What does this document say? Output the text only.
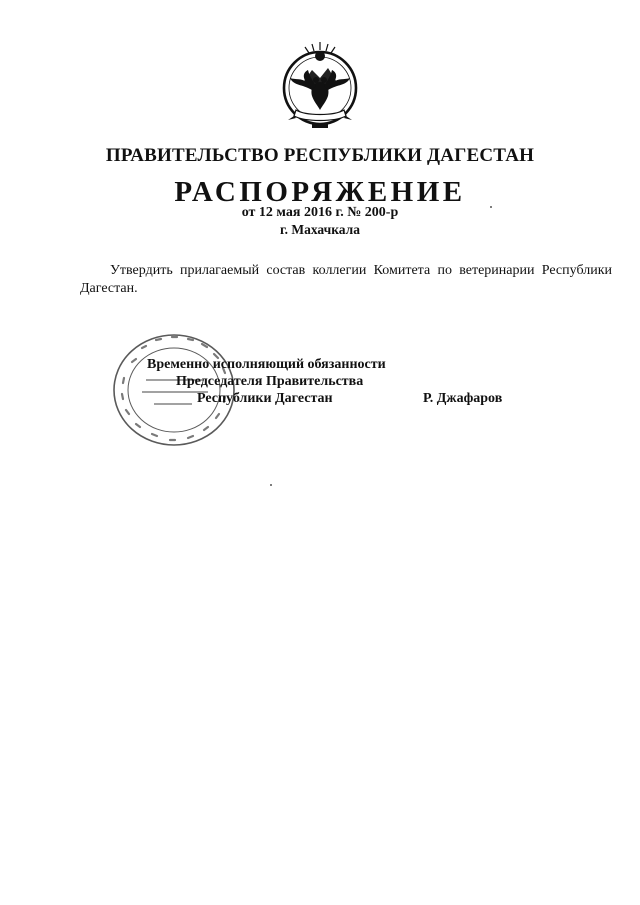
ПРАВИТЕЛЬСТВО РЕСПУБЛИКИ ДАГЕСТАН
РАСПОРЯЖЕНИЕ
от 12 мая 2016 г. № 200-р
г. Махачкала
Утвердить прилагаемый состав коллегии Комитета по ветеринарии Республики Дагестан.
Временно исполняющий обязанности
Председателя Правительства
Республики Дагестан	Р. Джафаров
